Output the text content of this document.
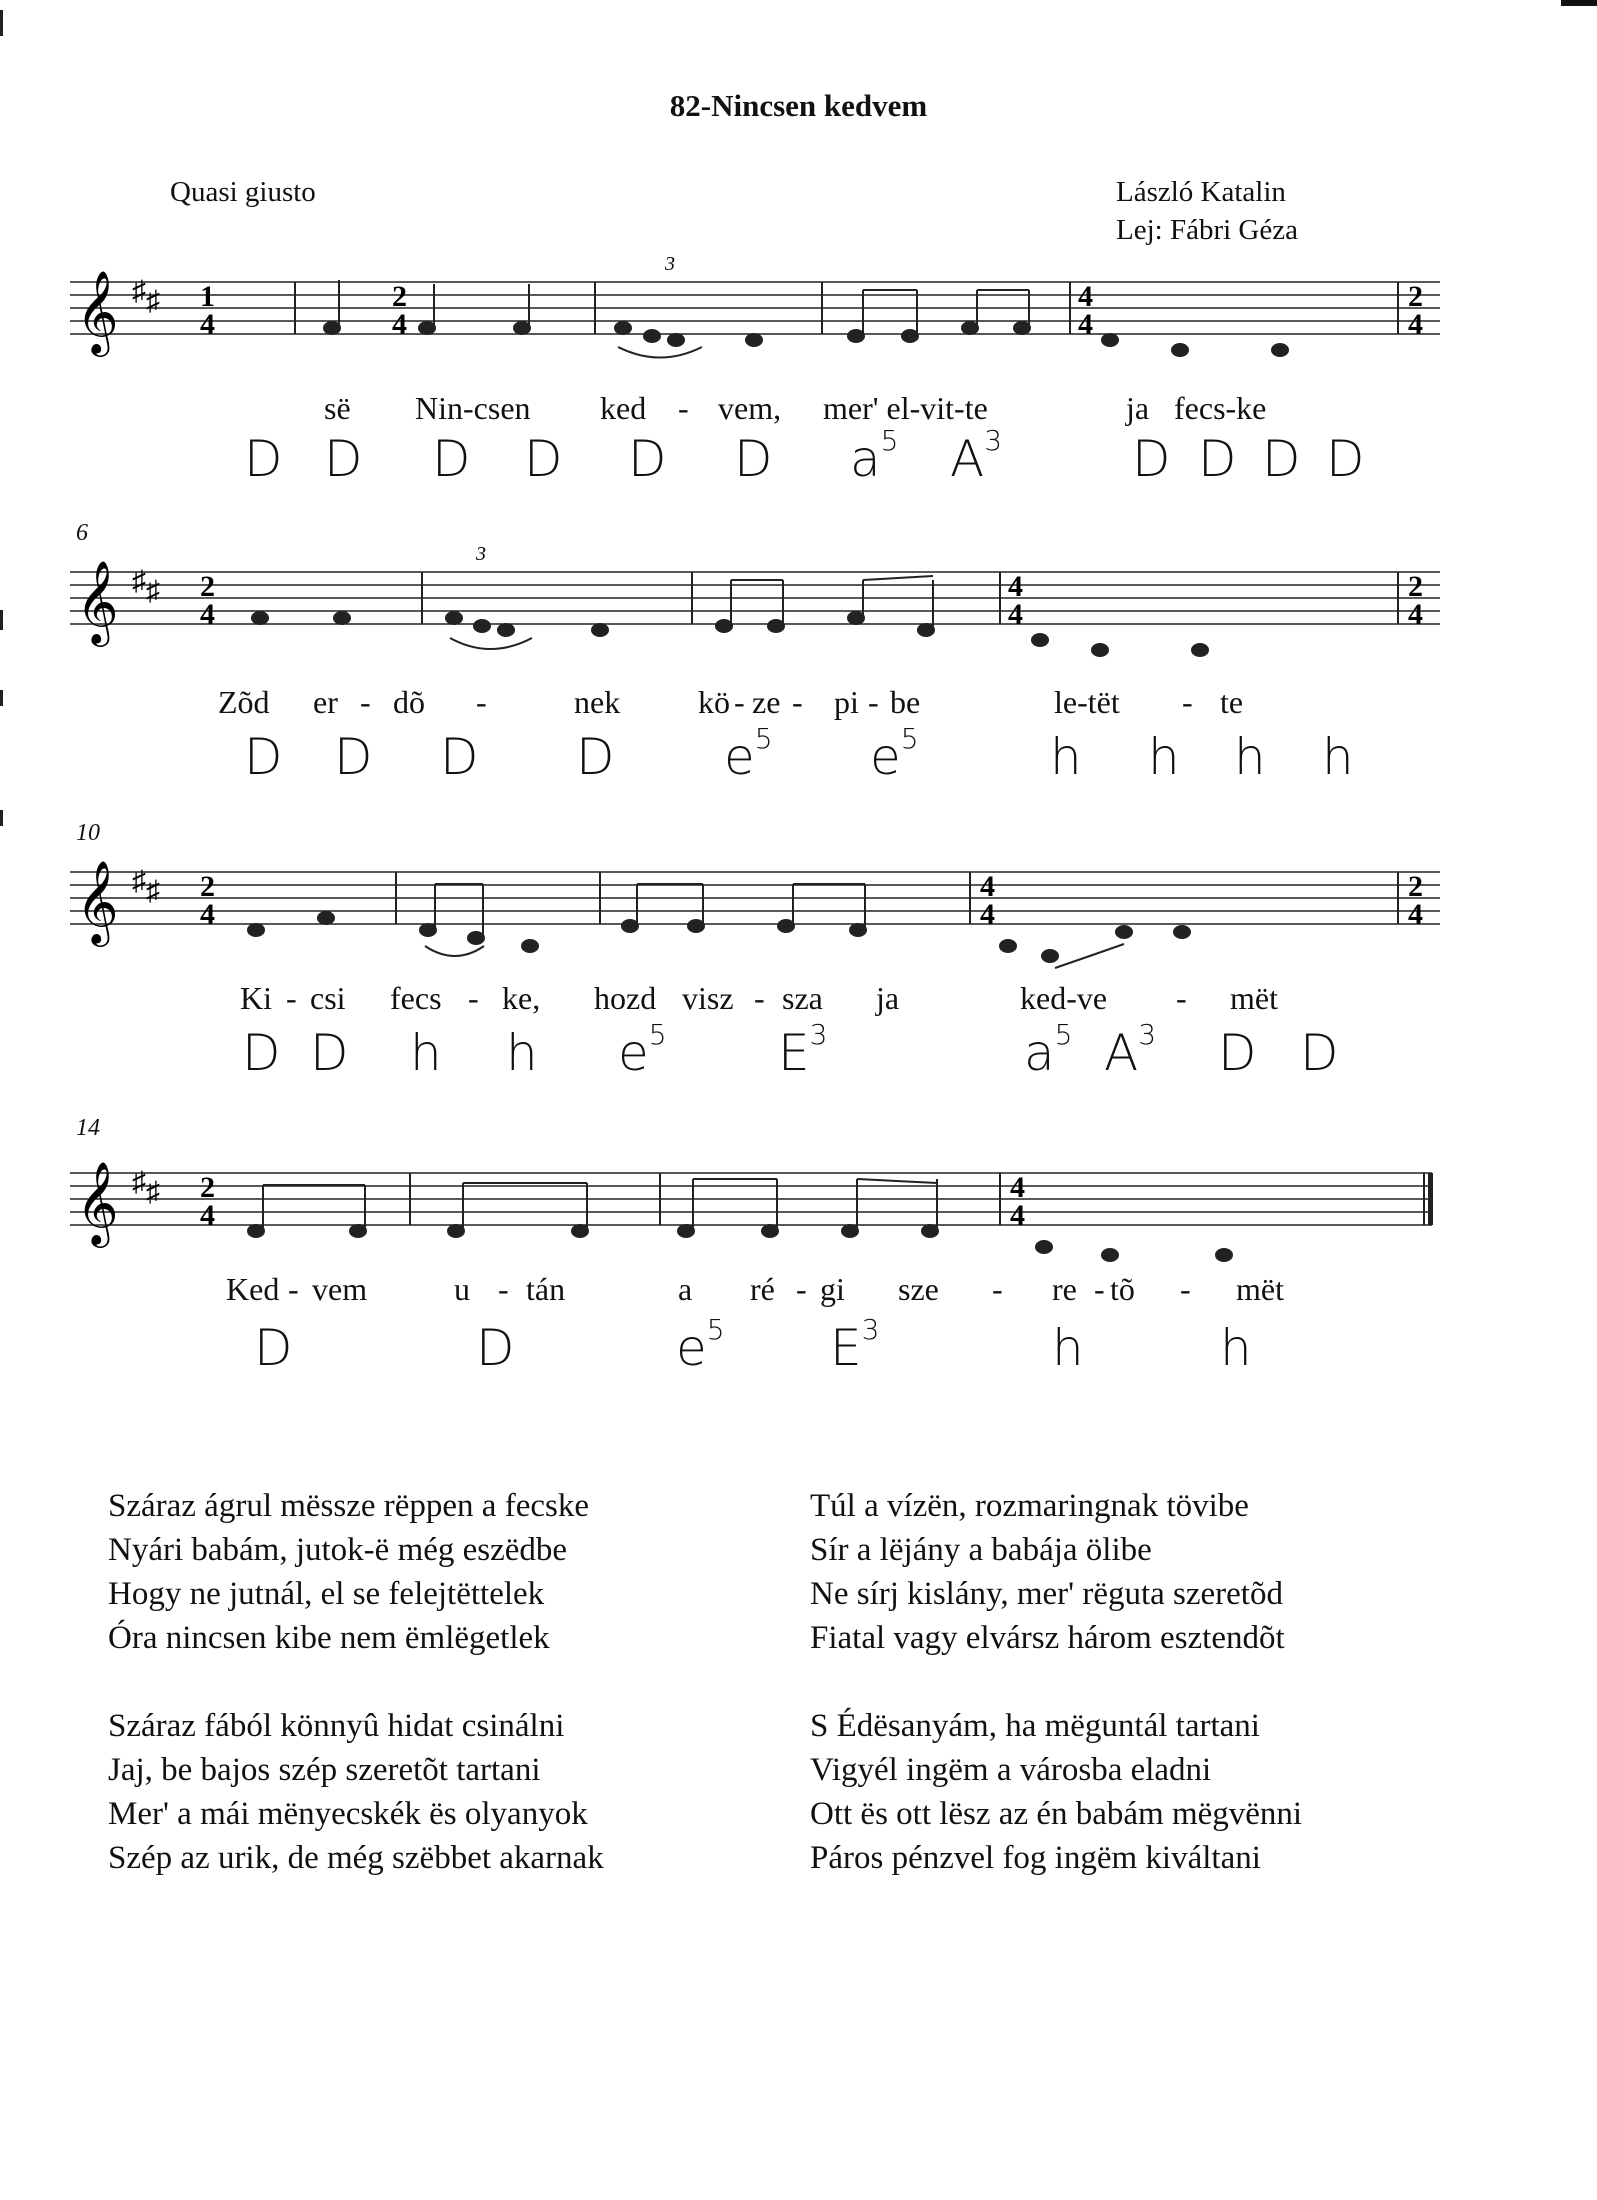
82-Nincsen kedvem
Quasi giusto	László Katalin
Lej: Fábri Géza
𝄞 ♯ ♯ 1
4
2
4
4
4
2
4
3
së Nin-csen ked - vem, mer' el-vit-te	ja fecs-ke
D D D D D D $a^5$ $A^3$	D D D D
6
𝄞 ♯ ♯ 2
4
4
4
2
4
3
Zõd er - dõ -	nek kö - ze - pi - be	le-tët - te
D D D D $e^5$ $e^5$	h h h h
10
𝄞 ♯ ♯ 2
4
4
4
2
4
Ki - csi fecs - ke, hozd visz - sza ja	ked-ve - mët
D D h h $e^5$ $E^3$	$a^5$ $A^3$ D D
14
𝄞 ♯ ♯ 2
4
4
4
Ked - vem	u - tán	a ré - gi sze - re - tõ - mët
D	D	$e^5$ $E^3$	h	h
Száraz ágrul mëssze rëppen a fecske
Nyári babám, jutok-ë még eszëdbe
Hogy ne jutnál, el se felejtëttelek
Óra nincsen kibe nem ëmlëgetlek
Száraz fából könnyû hidat csinálni
Jaj, be bajos szép szeretõt tartani
Mer' a mái mënyecskék ës olyanyok
Szép az urik, de még szëbbet akarnak
Túl a vízën, rozmaringnak tövibe
Sír a lëjány a babája ölibe
Ne sírj kislány, mer' rëguta szeretõd
Fiatal vagy elvársz három esztendõt
S Édësanyám, ha mëguntál tartani
Vigyél ingëm a városba eladni
Ott ës ott lësz az én babám mëgvënni
Páros pénzvel fog ingëm kiváltani
